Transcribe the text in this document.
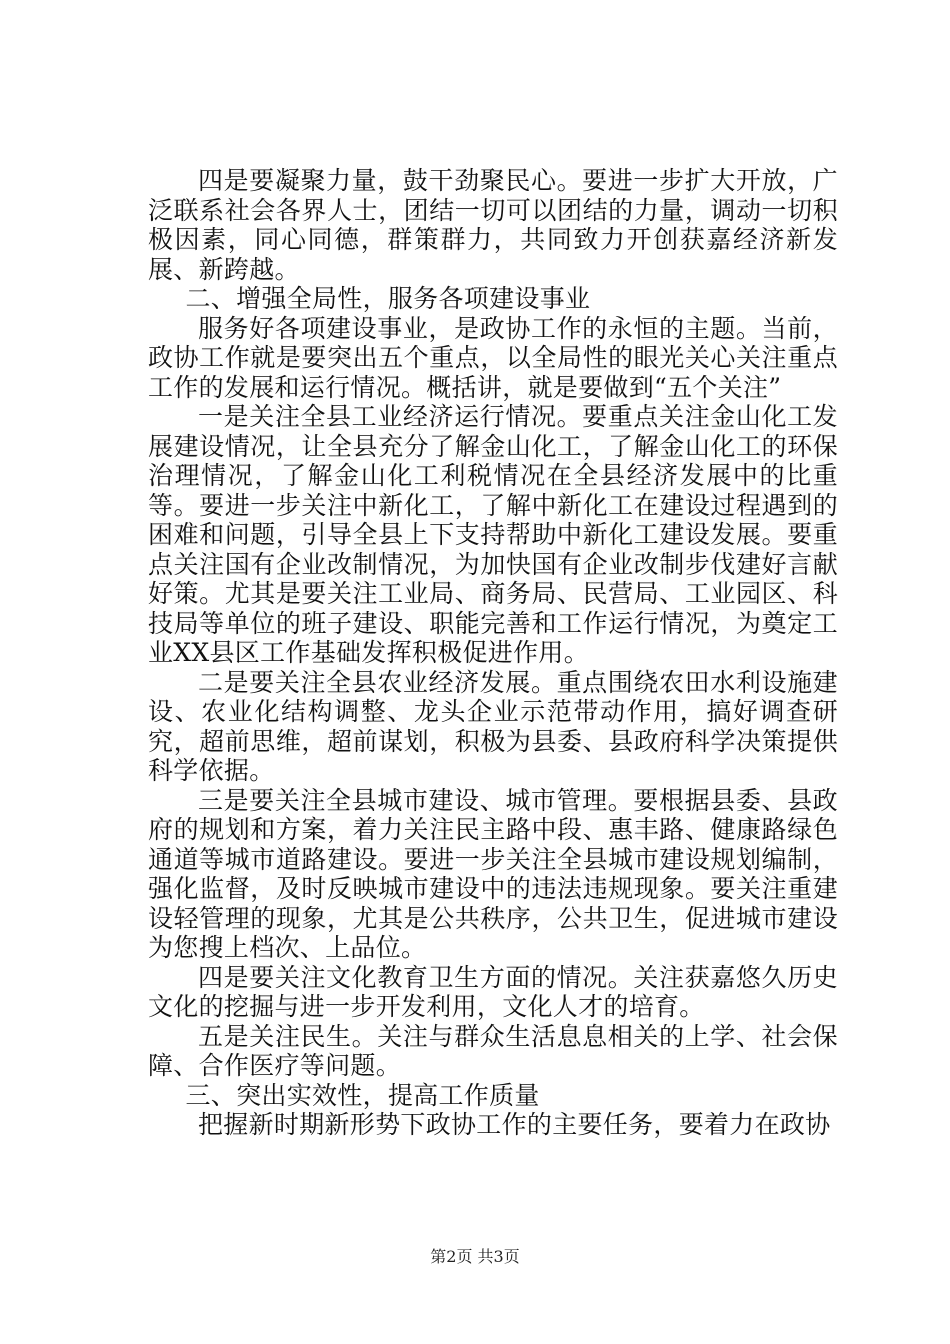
四是要凝聚力量，鼓干劲聚民心。要进一步扩大开放，广泛联系社会各界人士，团结一切可以团结的力量，调动一切积极因素，同心同德，群策群力，共同致力开创获嘉经济新发展、新跨越。

二、增强全局性，服务各项建设事业

服务好各项建设事业，是政协工作的永恒的主题。当前，政协工作就是要突出五个重点，以全局性的眼光关心关注重点工作的发展和运行情况。概括讲，就是要做到“五个关注”

一是关注全县工业经济运行情况。要重点关注金山化工发展建设情况，让全县充分了解金山化工，了解金山化工的环保治理情况，了解金山化工利税情况在全县经济发展中的比重等。要进一步关注中新化工，了解中新化工在建设过程遇到的困难和问题，引导全县上下支持帮助中新化工建设发展。要重点关注国有企业改制情况，为加快国有企业改制步伐建好言献好策。尤其是要关注工业局、商务局、民营局、工业园区、科技局等单位的班子建设、职能完善和工作运行情况，为奠定工业XX县区工作基础发挥积极促进作用。

二是要关注全县农业经济发展。重点围绕农田水利设施建设、农业化结构调整、龙头企业示范带动作用，搞好调查研究，超前思维，超前谋划，积极为县委、县政府科学决策提供科学依据。

三是要关注全县城市建设、城市管理。要根据县委、县政府的规划和方案，着力关注民主路中段、惠丰路、健康路绿色通道等城市道路建设。要进一步关注全县城市建设规划编制，强化监督，及时反映城市建设中的违法违规现象。要关注重建设轻管理的现象，尤其是公共秩序，公共卫生，促进城市建设为您搜上档次、上品位。

四是要关注文化教育卫生方面的情况。关注获嘉悠久历史文化的挖掘与进一步开发利用，文化人才的培育。

五是关注民生。关注与群众生活息息相关的上学、社会保障、合作医疗等问题。

三、突出实效性，提高工作质量

把握新时期新形势下政协工作的主要任务，要着力在政协

第2页 共3页
